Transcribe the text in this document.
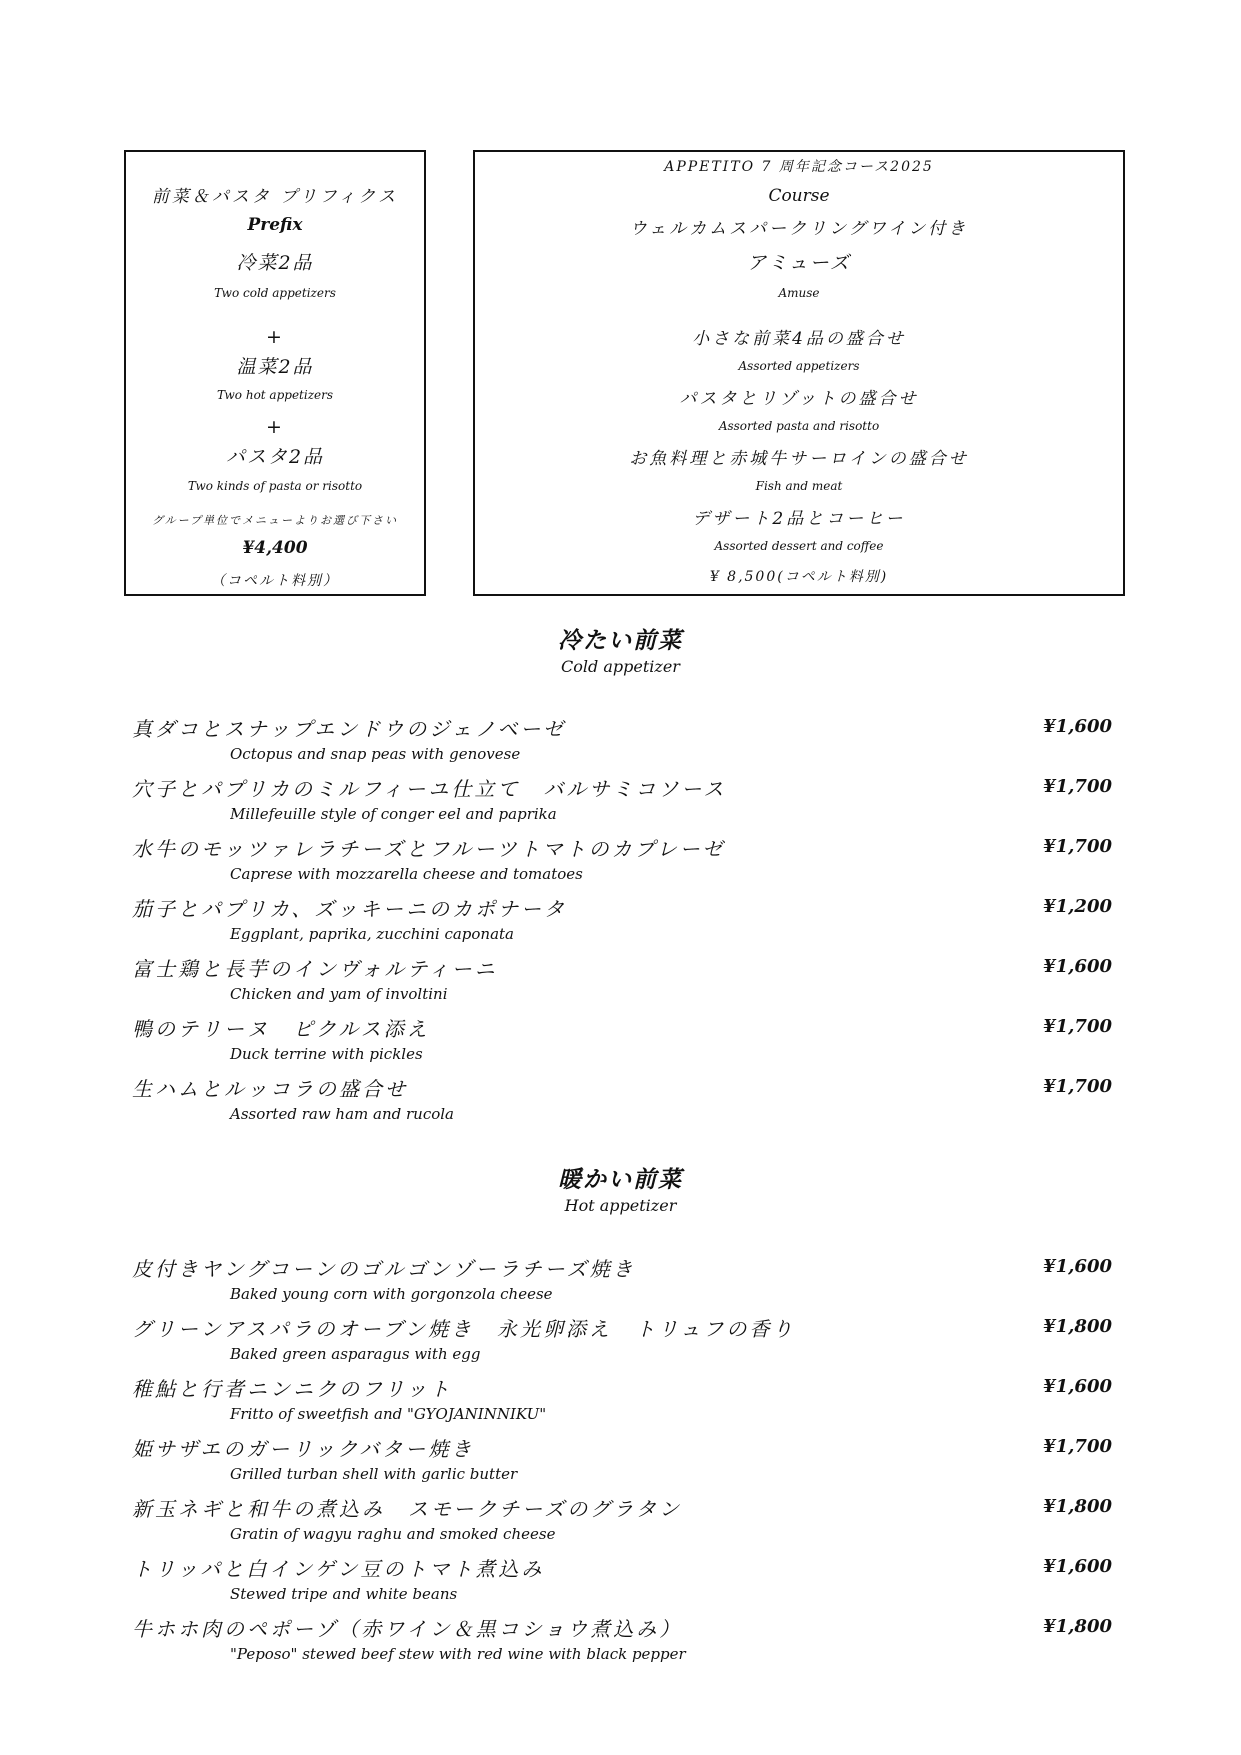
前菜＆パスタ プリフィクス
Prefix
冷菜2品
Two cold appetizers
+
温菜2品
Two hot appetizers
+
パスタ2品
Two kinds of pasta or risotto
グループ単位でメニューよりお選び下さい
¥4,400
（コペルト料別）
APPETITO 7 周年記念コース2025
Course
ウェルカムスパークリングワイン付き
アミューズ
Amuse
小さな前菜4品の盛合せ
Assorted appetizers
パスタとリゾットの盛合せ
Assorted pasta and risotto
お魚料理と赤城牛サーロインの盛合せ
Fish and meat
デザート2品とコーヒー
Assorted dessert and coffee
¥ 8,500(コペルト料別)
冷たい前菜
Cold appetizer
真ダコとスナップエンドウのジェノベーゼ
Octopus and snap peas with genovese
¥1,600
穴子とパプリカのミルフィーユ仕立て　バルサミコソース
Millefeuille style of conger eel and paprika
¥1,700
水牛のモッツァレラチーズとフルーツトマトのカプレーゼ
Caprese with mozzarella cheese and tomatoes
¥1,700
茄子とパプリカ、ズッキーニのカポナータ
Eggplant, paprika, zucchini caponata
¥1,200
富士鶏と長芋のインヴォルティーニ
Chicken and yam of involtini
¥1,600
鴨のテリーヌ　ピクルス添え
Duck terrine with pickles
¥1,700
生ハムとルッコラの盛合せ
Assorted raw ham and rucola
¥1,700
暖かい前菜
Hot appetizer
皮付きヤングコーンのゴルゴンゾーラチーズ焼き
Baked young corn with gorgonzola cheese
¥1,600
グリーンアスパラのオーブン焼き　永光卵添え　トリュフの香り
Baked green asparagus with egg
¥1,800
稚鮎と行者ニンニクのフリット
Fritto of sweetfish and "GYOJANINNIKU"
¥1,600
姫サザエのガーリックバター焼き
Grilled turban shell with garlic butter
¥1,700
新玉ネギと和牛の煮込み　スモークチーズのグラタン
Gratin of wagyu raghu and smoked cheese
¥1,800
トリッパと白インゲン豆のトマト煮込み
Stewed tripe and white beans
¥1,600
牛ホホ肉のペポーゾ（赤ワイン＆黒コショウ煮込み）
"Peposo" stewed beef stew with red wine with black pepper
¥1,800
